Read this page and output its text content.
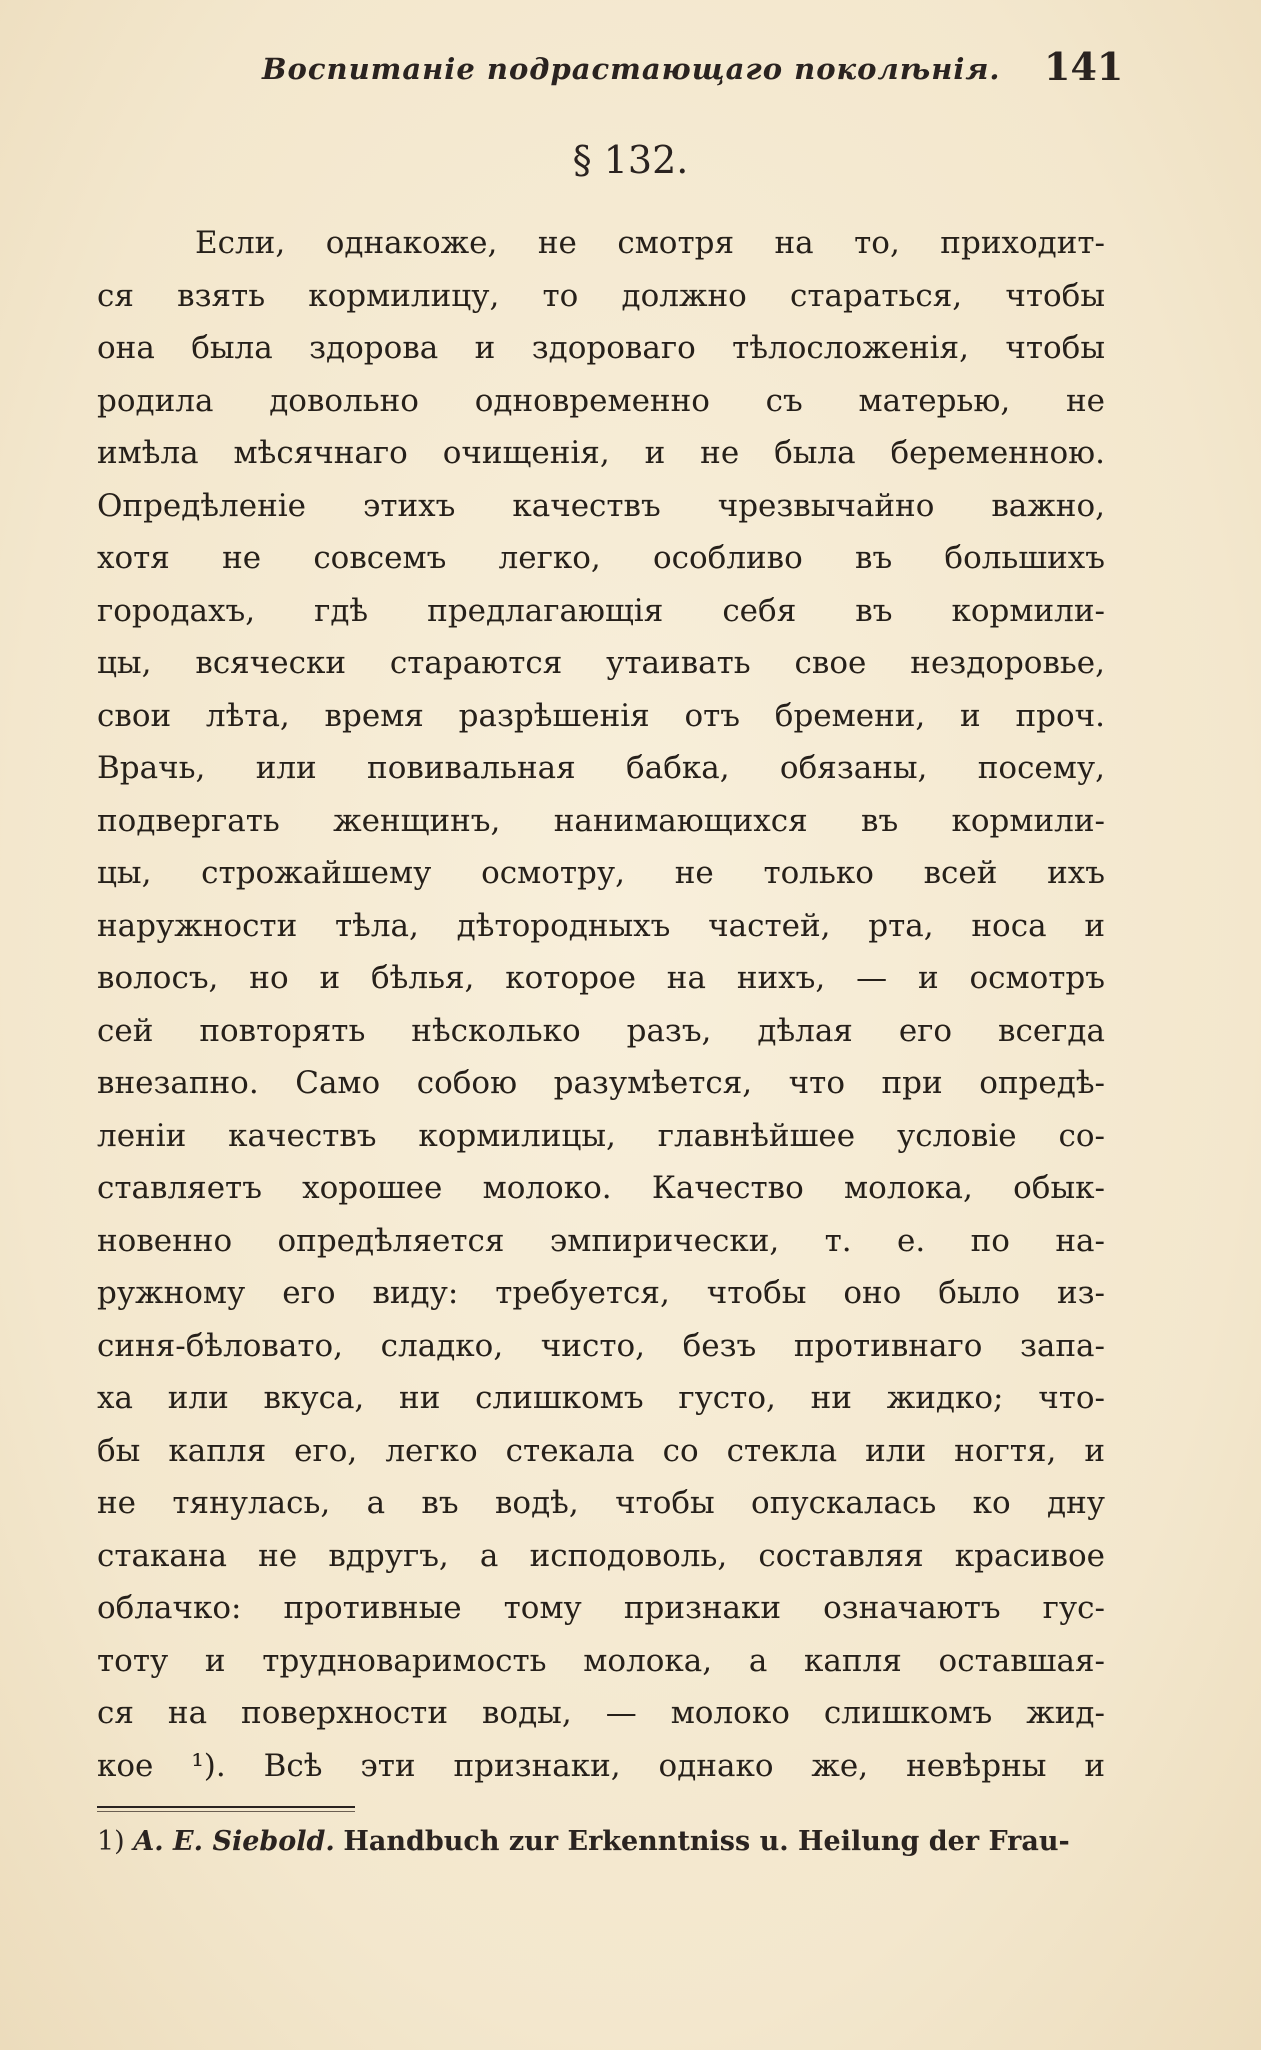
Воспитаніе подрастающаго поколѣнія. 141
§ 132.
Если, однакоже, не смотря на то, приходит-
ся взять кормилицу, то должно стараться, чтобы
она была здорова и здороваго тѣлосложенія, чтобы
родила довольно одновременно съ матерью, не
имѣла мѣсячнаго очищенія, и не была беременною.
Опредѣленіе этихъ качествъ чрезвычайно важно,
хотя не совсемъ легко, особливо въ большихъ
городахъ, гдѣ предлагающія себя въ кормили-
цы, всячески стараются утаивать свое нездоровье,
свои лѣта, время разрѣшенія отъ бремени, и проч.
Врачь, или повивальная бабка, обязаны, посему,
подвергать женщинъ, нанимающихся въ кормили-
цы, строжайшему осмотру, не только всей ихъ
наружности тѣла, дѣтородныхъ частей, рта, носа и
волосъ, но и бѣлья, которое на нихъ, — и осмотръ
сей повторять нѣсколько разъ, дѣлая его всегда
внезапно. Само собою разумѣется, что при опредѣ-
леніи качествъ кормилицы, главнѣйшее условіе со-
ставляетъ хорошее молоко. Качество молока, обык-
новенно опредѣляется эмпирически, т. е. по на-
ружному его виду: требуется, чтобы оно было из-
синя-бѣловато, сладко, чисто, безъ противнаго запа-
ха или вкуса, ни слишкомъ густо, ни жидко; что-
бы капля его, легко стекала со стекла или ногтя, и
не тянулась, а въ водѣ, чтобы опускалась ко дну
стакана не вдругъ, а исподоволь, составляя красивое
облачко: противные тому признаки означаютъ гус-
тоту и трудноваримость молока, а капля оставшая-
ся на поверхности воды, — молоко слишкомъ жид-
кое ¹). Всѣ эти признаки, однако же, невѣрны и
1) A. E. Siebold. Handbuch zur Erkenntniss u. Heilung der Frau-
